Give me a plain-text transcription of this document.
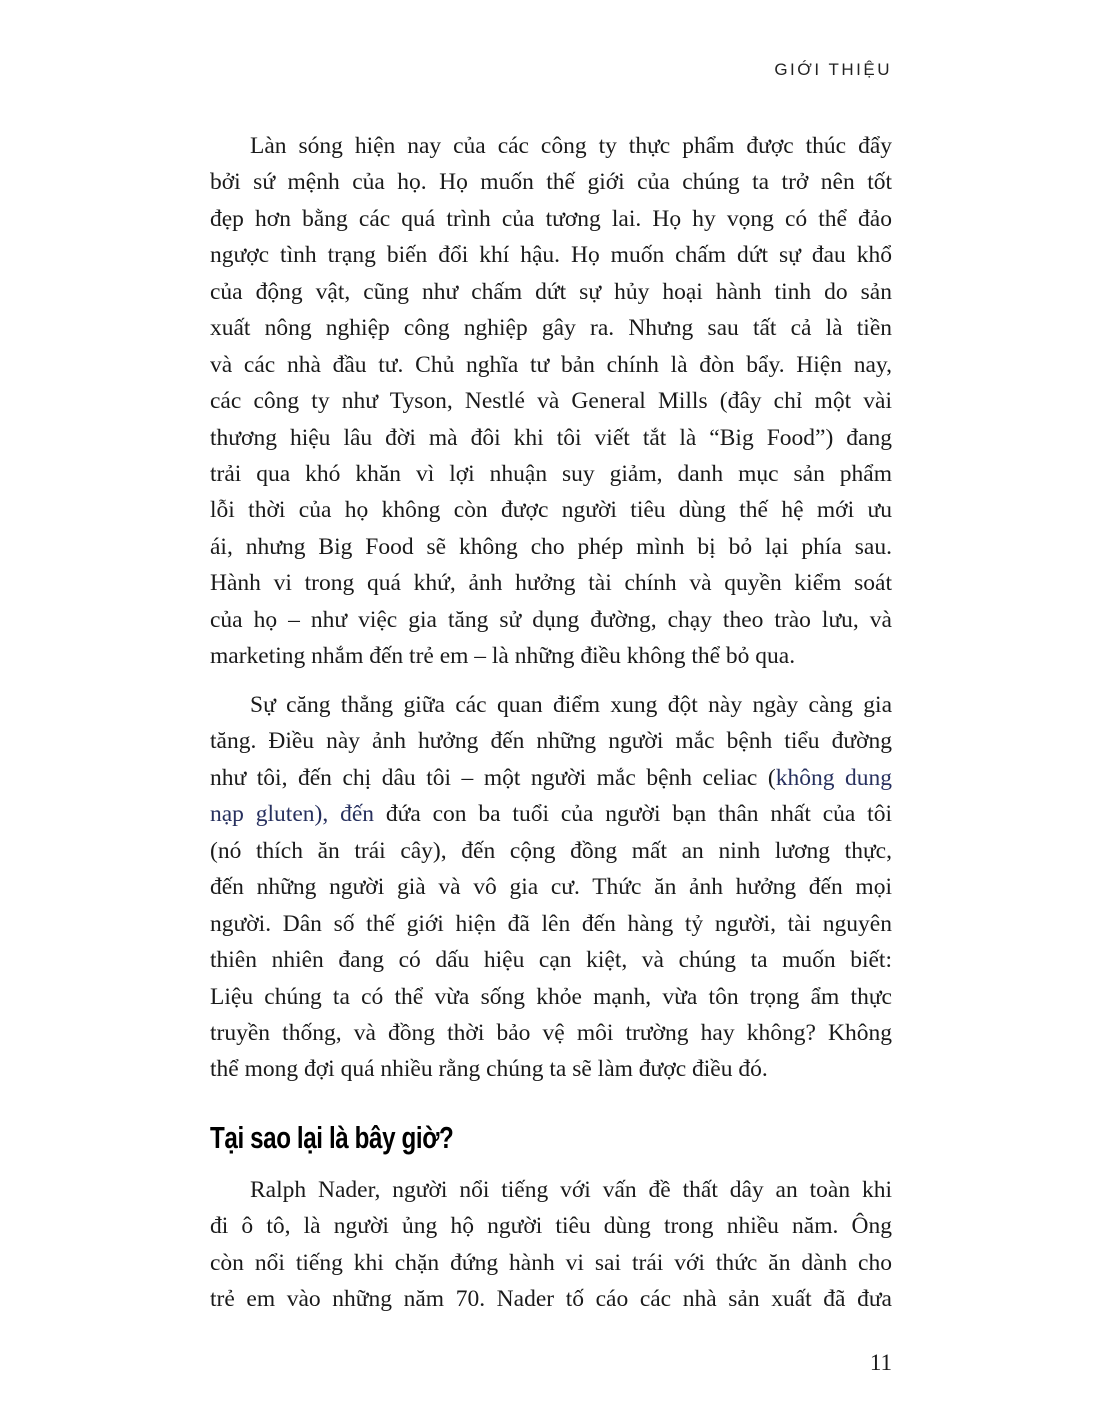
GIỚI THIỆU
Làn sóng hiện nay của các công ty thực phẩm được thúc đẩy
bởi sứ mệnh của họ. Họ muốn thế giới của chúng ta trở nên tốt
đẹp hơn bằng các quá trình của tương lai. Họ hy vọng có thể đảo
ngược tình trạng biến đổi khí hậu. Họ muốn chấm dứt sự đau khổ
của động vật, cũng như chấm dứt sự hủy hoại hành tinh do sản
xuất nông nghiệp công nghiệp gây ra. Nhưng sau tất cả là tiền
và các nhà đầu tư. Chủ nghĩa tư bản chính là đòn bẩy. Hiện nay,
các công ty như Tyson, Nestlé và General Mills (đây chỉ một vài
thương hiệu lâu đời mà đôi khi tôi viết tắt là “Big Food”) đang
trải qua khó khăn vì lợi nhuận suy giảm, danh mục sản phẩm
lỗi thời của họ không còn được người tiêu dùng thế hệ mới ưu
ái, nhưng Big Food sẽ không cho phép mình bị bỏ lại phía sau.
Hành vi trong quá khứ, ảnh hưởng tài chính và quyền kiểm soát
của họ – như việc gia tăng sử dụng đường, chạy theo trào lưu, và
marketing nhắm đến trẻ em – là những điều không thể bỏ qua.
Sự căng thẳng giữa các quan điểm xung đột này ngày càng gia
tăng. Điều này ảnh hưởng đến những người mắc bệnh tiểu đường
như tôi, đến chị dâu tôi – một người mắc bệnh celiac (không dung
nạp gluten), đến đứa con ba tuổi của người bạn thân nhất của tôi
(nó thích ăn trái cây), đến cộng đồng mất an ninh lương thực,
đến những người già và vô gia cư. Thức ăn ảnh hưởng đến mọi
người. Dân số thế giới hiện đã lên đến hàng tỷ người, tài nguyên
thiên nhiên đang có dấu hiệu cạn kiệt, và chúng ta muốn biết:
Liệu chúng ta có thể vừa sống khỏe mạnh, vừa tôn trọng ẩm thực
truyền thống, và đồng thời bảo vệ môi trường hay không? Không
thể mong đợi quá nhiều rằng chúng ta sẽ làm được điều đó.
Tại sao lại là bây giờ?
Ralph Nader, người nổi tiếng với vấn đề thất dây an toàn khi
đi ô tô, là người ủng hộ người tiêu dùng trong nhiều năm. Ông
còn nổi tiếng khi chặn đứng hành vi sai trái với thức ăn dành cho
trẻ em vào những năm 70. Nader tố cáo các nhà sản xuất đã đưa
11
